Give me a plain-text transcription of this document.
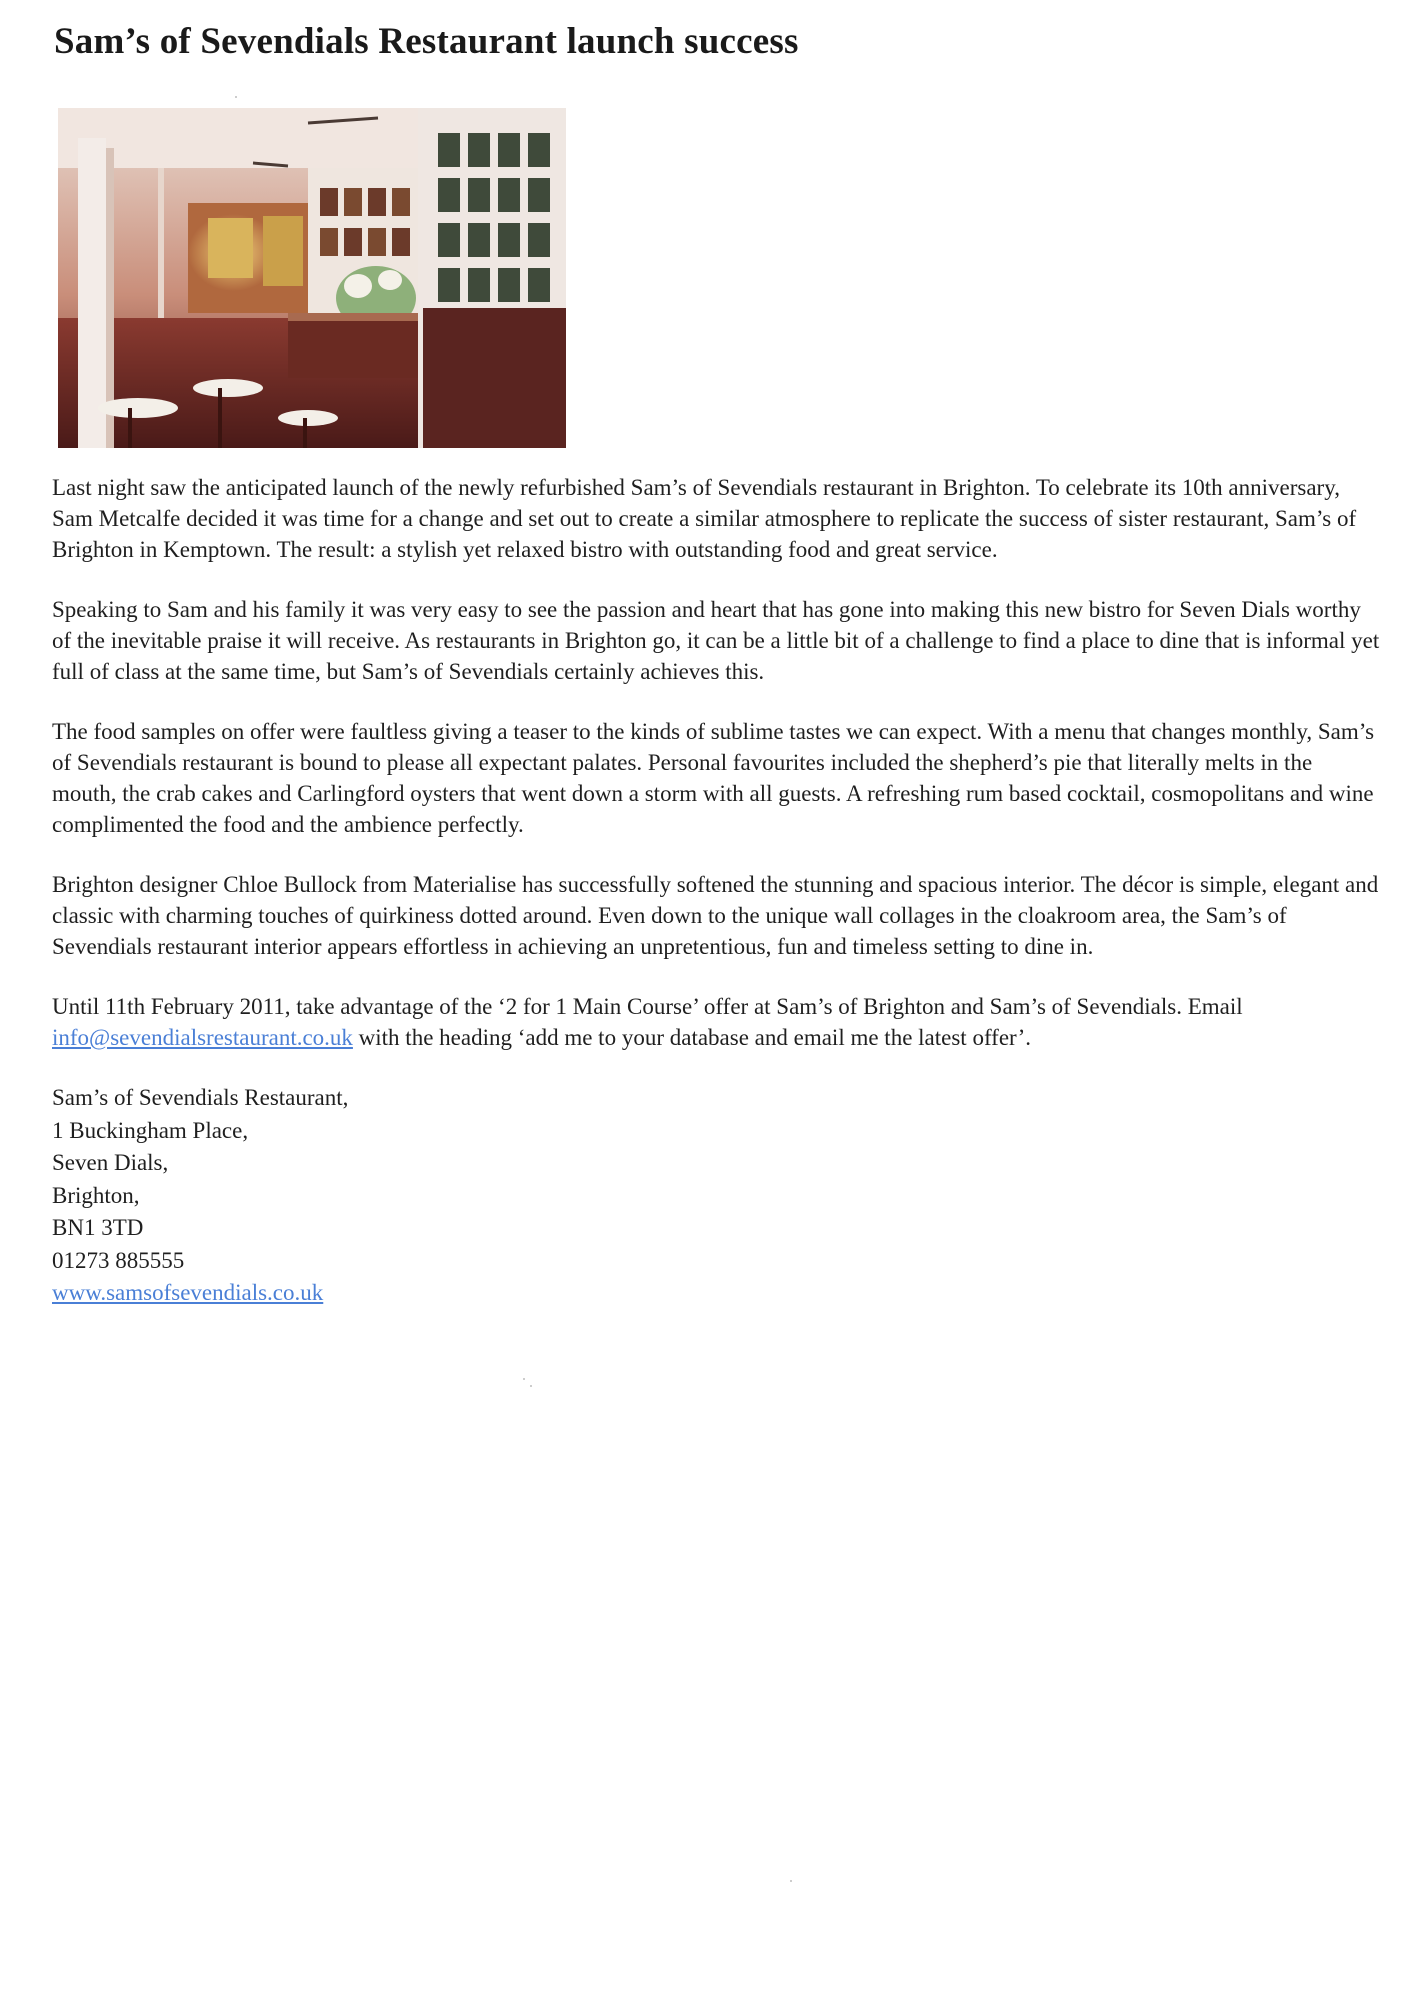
Sam’s of Sevendials Restaurant launch success

Last night saw the anticipated launch of the newly refurbished Sam’s of Sevendials restaurant in Brighton. To celebrate its 10th anniversary, Sam Metcalfe decided it was time for a change and set out to create a similar atmosphere to replicate the success of sister restaurant, Sam’s of Brighton in Kemptown. The result: a stylish yet relaxed bistro with outstanding food and great service.

Speaking to Sam and his family it was very easy to see the passion and heart that has gone into making this new bistro for Seven Dials worthy of the inevitable praise it will receive. As restaurants in Brighton go, it can be a little bit of a challenge to find a place to dine that is informal yet full of class at the same time, but Sam’s of Sevendials certainly achieves this.

The food samples on offer were faultless giving a teaser to the kinds of sublime tastes we can expect. With a menu that changes monthly, Sam’s of Sevendials restaurant is bound to please all expectant palates. Personal favourites included the shepherd’s pie that literally melts in the mouth, the crab cakes and Carlingford oysters that went down a storm with all guests. A refreshing rum based cocktail, cosmopolitans and wine complimented the food and the ambience perfectly.

Brighton designer Chloe Bullock from Materialise has successfully softened the stunning and spacious interior. The décor is simple, elegant and classic with charming touches of quirkiness dotted around. Even down to the unique wall collages in the cloakroom area, the Sam’s of Sevendials restaurant interior appears effortless in achieving an unpretentious, fun and timeless setting to dine in.

Until 11th February 2011, take advantage of the ‘2 for 1 Main Course’ offer at Sam’s of Brighton and Sam’s of Sevendials. Email info@sevendialsrestaurant.co.uk with the heading ‘add me to your database and email me the latest offer’.

Sam’s of Sevendials Restaurant,
1 Buckingham Place,
Seven Dials,
Brighton,
BN1 3TD
01273 885555
www.samsofsevendials.co.uk
